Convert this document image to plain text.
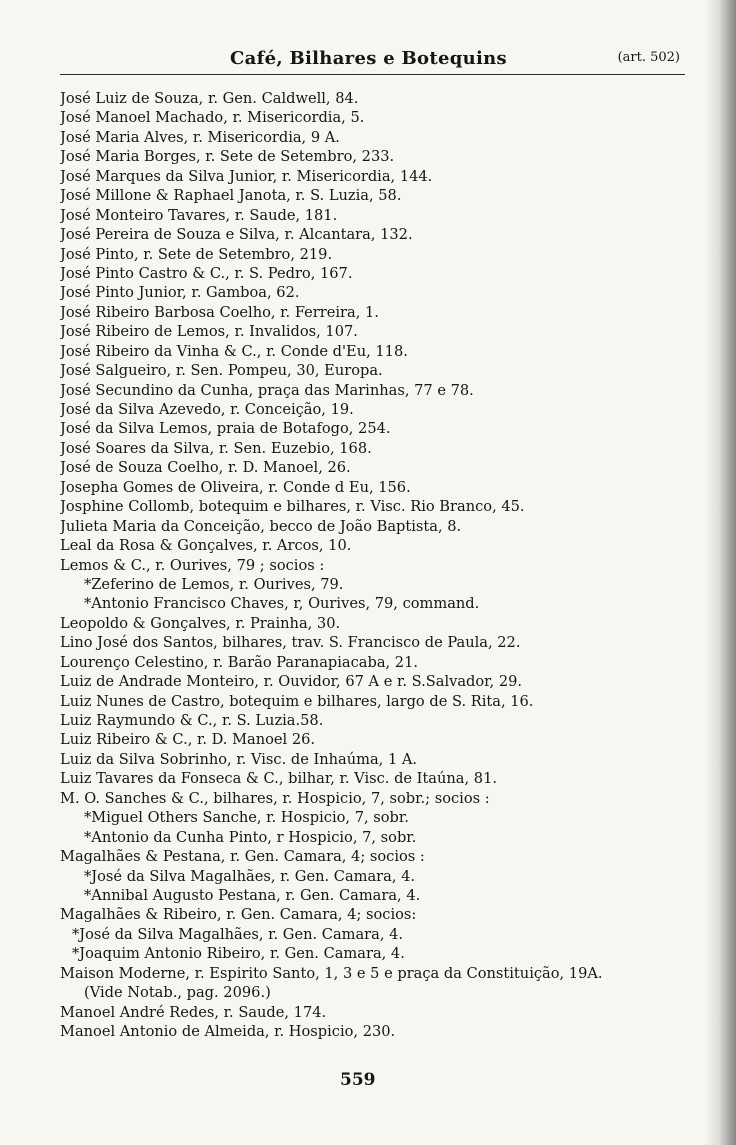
Café, Bilhares e Botequins	(art. 502)
José Luiz de Souza, r. Gen. Caldwell, 84.
José Manoel Machado, r. Misericordia, 5.
José Maria Alves, r. Misericordia, 9 A.
José Maria Borges, r. Sete de Setembro, 233.
José Marques da Silva Junior, r. Misericordia, 144.
José Millone & Raphael Janota, r. S. Luzia, 58.
José Monteiro Tavares, r. Saude, 181.
José Pereira de Souza e Silva, r. Alcantara, 132.
José Pinto, r. Sete de Setembro, 219.
José Pinto Castro & C., r. S. Pedro, 167.
José Pinto Junior, r. Gamboa, 62.
José Ribeiro Barbosa Coelho, r. Ferreira, 1.
José Ribeiro de Lemos, r. Invalidos, 107.
José Ribeiro da Vinha & C., r. Conde d'Eu, 118.
José Salgueiro, r. Sen. Pompeu, 30, Europa.
José Secundino da Cunha, praça das Marinhas, 77 e 78.
José da Silva Azevedo, r. Conceição, 19.
José da Silva Lemos, praia de Botafogo, 254.
José Soares da Silva, r. Sen. Euzebio, 168.
José de Souza Coelho, r. D. Manoel, 26.
Josepha Gomes de Oliveira, r. Conde d Eu, 156.
Josphine Collomb, botequim e bilhares, r. Visc. Rio Branco, 45.
Julieta Maria da Conceição, becco de João Baptista, 8.
Leal da Rosa & Gonçalves, r. Arcos, 10.
Lemos & C., r. Ourives, 79 ; socios :
*Zeferino de Lemos, r. Ourives, 79.
*Antonio Francisco Chaves, r, Ourives, 79, command.
Leopoldo & Gonçalves, r. Prainha, 30.
Lino José dos Santos, bilhares, trav. S. Francisco de Paula, 22.
Lourenço Celestino, r. Barão Paranapiacaba, 21.
Luiz de Andrade Monteiro, r. Ouvidor, 67 A e r. S.Salvador, 29.
Luiz Nunes de Castro, botequim e bilhares, largo de S. Rita, 16.
Luiz Raymundo & C., r. S. Luzia.58.
Luiz Ribeiro & C., r. D. Manoel 26.
Luiz da Silva Sobrinho, r. Visc. de Inhaúma, 1 A.
Luiz Tavares da Fonseca & C., bilhar, r. Visc. de Itaúna, 81.
M. O. Sanches & C., bilhares, r. Hospicio, 7, sobr.; socios :
*Miguel Others Sanche, r. Hospicio, 7, sobr.
*Antonio da Cunha Pinto, r Hospicio, 7, sobr.
Magalhães & Pestana, r. Gen. Camara, 4; socios :
*José da Silva Magalhães, r. Gen. Camara, 4.
*Annibal Augusto Pestana, r. Gen. Camara, 4.
Magalhães & Ribeiro, r. Gen. Camara, 4; socios:
*José da Silva Magalhães, r. Gen. Camara, 4.
*Joaquim Antonio Ribeiro, r. Gen. Camara, 4.
Maison Moderne, r. Espirito Santo, 1, 3 e 5 e praça da Constituição, 19A.
(Vide Notab., pag. 2096.)
Manoel André Redes, r. Saude, 174.
Manoel Antonio de Almeida, r. Hospicio, 230.
559
